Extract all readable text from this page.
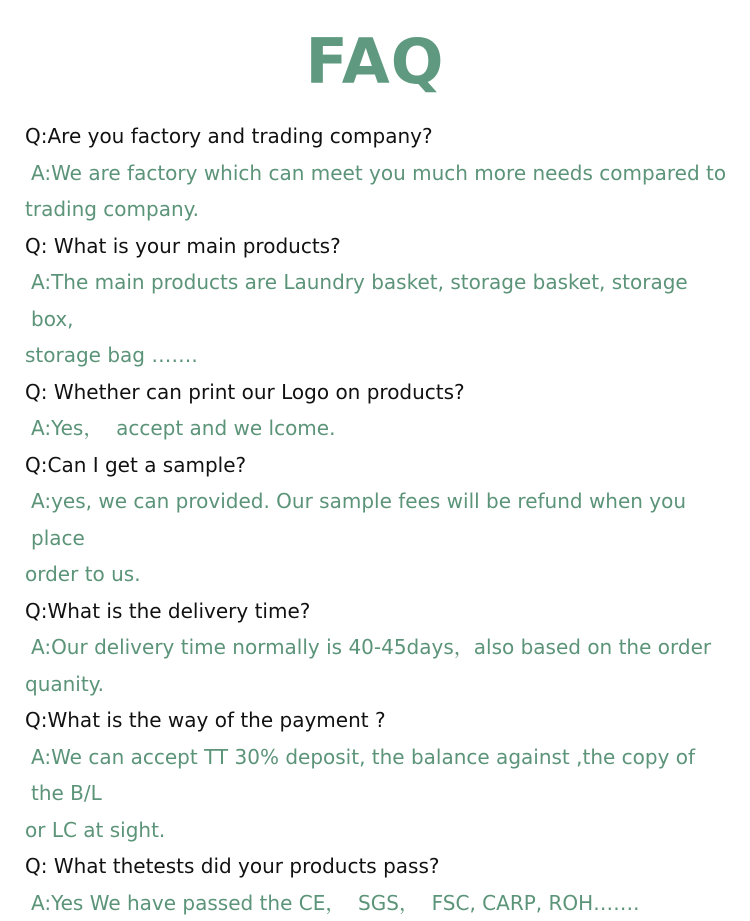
FAQ

Q:Are you factory and trading company?

A:We are factory which can meet you much more needs compared to

trading company.

Q: What is your main products?

A:The main products are Laundry basket, storage basket, storage box,

storage bag …….

Q: Whether can print our Logo on products?

A:Yes，  accept and we lcome.

Q:Can I get a sample?

A:yes, we can provided. Our sample fees will be refund when you place

order to us.

Q:What is the delivery time?

A:Our delivery time normally is 40-45days，also based on the order

quanity.

Q:What is the way of the payment ?

A:We can accept TT 30% deposit, the balance against ,the copy of the B/L

or LC at sight.

Q: What thetests did your products pass?

A:Yes We have passed the CE，  SGS，  FSC, CARP, ROH…….
